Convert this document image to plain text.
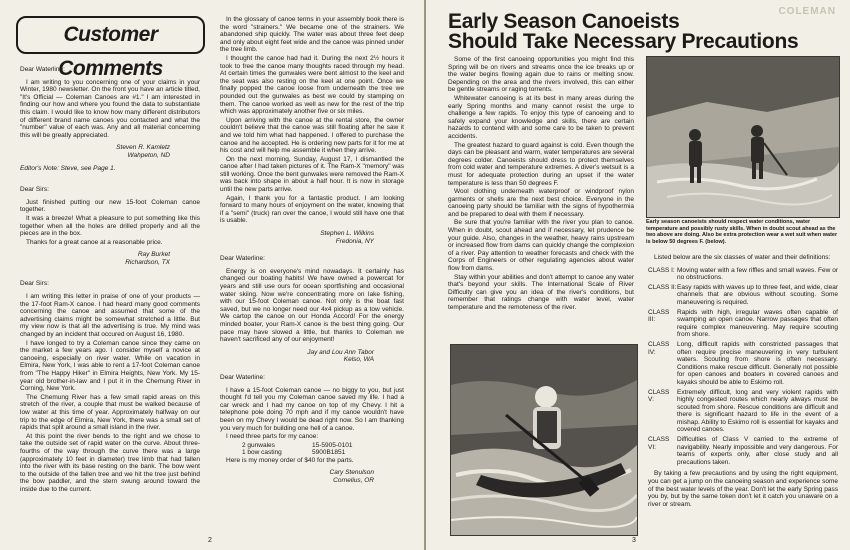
Customer Comments

Dear Waterline:

I am writing to you concerning one of your claims in your Winter, 1980 newsletter. On the front you have an article titled, "It's Official — Coleman Canoes are #1." I am interested in finding our how and where you found the data to substantiate this claim. I would like to know how many different distributors of different brand name canoes you contacted and what the "number" value of each was. Any and all material concerning this will be greatly appreciated.

Steven R. Kamletz
Wahpeton, ND

Editor's Note: Steve, see Page 1.

Dear Sirs:

Just finished putting our new 15-foot Coleman canoe together.

It was a breeze! What a pleasure to put something like this together when all the holes are drilled properly and all the pieces are in the box.

Thanks for a great canoe at a reasonable price.

Ray Burket
Richardson, TX

Dear Sirs:

I am writing this letter in praise of one of your products — the 17-foot Ram-X canoe. I had heard many good comments concerning the canoe and assumed that some of the advertising claims might be somewhat stretched a little. But my view now is that all the advertising is true. My mind was changed by an incident that occured on August 16, 1980.

I have longed to try a Coleman canoe since they came on the market a few years ago. I consider myself a novice at canoeing, especially on river water. While on vacation in Elmira, New York, I was able to rent a 17-foot Coleman canoe from "The Happy Hiker" in Elmira Heights, New York. My 15-year old brother-in-law and I put it in the Chemung River in Corning, New York.

The Chemung River has a few small rapid areas on this stretch of the river, a couple that must be walked because of low water at this time of year. Approximately halfway on our trip to the edge of Elmira, New York, there was a small set of rapids that split around a small island in the river.

At this point the river bends to the right and we chose to take the outside set of rapid water on the curve. About three-fourths of the way through the curve there was a large (approximately 10 feet in diameter) tree limb that had fallen into the river with its base resting on the bank. The bow went to the outside of the fallen tree and we hit the tree just behind the bow paddler, and the stern swung around toward the inside due to the current.

In the glossary of canoe terms in your assembly book there is the word "strainers." We became one of the strainers. We abandoned ship quickly. The water was about three feet deep and only about eight feet wide and the canoe was pinned under the tree limb.

I thought the canoe had had it. During the next 2½ hours it took to free the canoe many thoughts raced through my head. At certain times the gunwales were bent almost to the keel and the seat was also resting on the keel at one point. Once we finally popped the canoe loose from underneath the tree we pounded out the gunwales as best we could by stamping on them. The canoe worked as well as new for the rest of the trip which was approximately another five or six miles.

Upon arriving with the canoe at the rental store, the owner couldn't believe that the canoe was still floating after he saw it and we told him what had happened. I offered to purchase the canoe and he accepted. He is ordering new parts for it for me at his cost and will help me assemble it when they arrive.

On the next morning, Sunday, August 17, I dismantled the canoe after I had taken pictures of it. The Ram-X "memory" was still working. Once the bent gunwales were removed the Ram-X was back into shape in about a half hour. It is now in storage until the new parts arrive.

Again, I thank you for a fantastic product. I am looking forward to many hours of enjoyment on the water, knowing that if a "semi" (truck) ran over the canoe, I would still have one that is usable.

Stephen L. Wilkins
Fredonia, NY

Dear Waterline:

Energy is on everyone's mind nowadays. It certainly has changed our boating habits! We have owned a powercat for years and still use ours for ocean sportfishing and occasional water skiing. Now we're concentrating more on lake fishing, with our 15-foot Coleman canoe. Not only is the boat fast saved, but we no longer need our 4x4 pickup as a tow vehicle. We cartop the canoe on our Honda Accord! For the energy minded boater, your Ram-X canoe is the best thing going. Our pace may have slowed a little, but thanks to Coleman we haven't sacrificed any of our enjoyment!

Jay and Lou Ann Tabor
Kelso, WA

Dear Waterline:

I have a 15-foot Coleman canoe — no biggy to you, but just thought I'd tell you my Coleman canoe saved my life. I had a car wreck and I had my canoe on top of my Chevy. I hit a telephone pole doing 70 mph and if my canoe wouldn't have been on my Chevy I would be dead right now. So I am thanking you very much for building one hell of a canoe.

I need three parts for my canoe:

2 gunwales	15-5905-0101
1 bow casting	5900B1851

Here is my money order of $40 for the parts.

Cary Stenulson
Cornelius, OR

2
COLEMAN
Early Season Canoeists
Should Take Necessary Precautions

Some of the first canoeing opportunities you might find this Spring will be on rivers and streams once the ice breaks up or the water begins flowing again due to rains or melting snow. Depending on the area and the rivers involved, this can either be gentle streams or raging torrents.

Whitewater canoeing is at its best in many areas during the early Spring months and many cannot resist the urge to challenge a few rapids. To enjoy this type of canoeing and to safely expand your knowledge and skills, there are certain hazards to contend with and some care to be taken to prevent accidents.

The greatest hazard to guard against is cold. Even though the days can be pleasant and warm, water temperatures are several degrees colder. Canoeists should dress to protect themselves from cold water and temperature extremes. A diver's wetsuit is a must for adequate protection during an upset if the water temperature is less than 50 degrees F.

Wool clothing underneath waterproof or windproof nylon garments or shells are the next best choice. Everyone in the canoeing party should be familiar with the signs of hypothermia and be prepared to deal with them if necessary.

Be sure that you're familiar with the river you plan to canoe. When in doubt, scout ahead and if necessary, let prudence be your guide. Also, changes in the weather, heavy rains upstream or increased flow from dams can quickly change the complexion of a river. Pay attention to weather forecasts and check with the Corps of Engineers or other regulating agencies about water flow from dams.

Stay within your abilities and don't attempt to canoe any water that's beyond your skills. The International Scale of River Difficulty can give you an idea of the river's conditions, but remember that ratings change with water level, water temperature and the remoteness of the river.

Early season canoeists should respect water conditions, water temperature and possibly rusty skills. When in doubt scout ahead as the two above are doing. Also be extra protection wear a wet suit when water is below 50 degrees F. (below).

Listed below are the six classes of water and their definitions:

CLASS I: Moving water with a few riffles and small waves. Few or no obstructions.
CLASS II: Easy rapids with waves up to three feet, and wide, clear channels that are obvious without scouting. Some maneuvering is required.
CLASS III:
Rapids with high, irregular waves often capable of swamping an open canoe. Narrow passages that often require complex maneuvering. May require scouting from shore.
CLASS IV:
Long, difficult rapids with constricted passages that often require precise maneuvering in very turbulent waters. Scouting from shore is often necessary. Conditions make rescue difficult. Generally not possible for open canoes and boaters in covered canoes and kayaks should be able to Eskimo roll.
CLASS V:
Extremely difficult, long and very violent rapids with highly congested routes which nearly always must be scouted from shore. Rescue conditions are difficult and there is significant hazard to life in the event of a mishap. Ability to Eskimo roll is essential for kayaks and covered canoes.
CLASS VI:
Difficulties of Class V carried to the extreme of navigability. Nearly impossible and very dangerous. For teams of experts only, after close study and all precautions taken.

By taking a few precautions and by using the right equipment, you can get a jump on the canoeing season and experience some of the best water levels of the year. Don't let the early Spring pass you by, but by the same token don't let it catch you unaware on a river or stream.

3
